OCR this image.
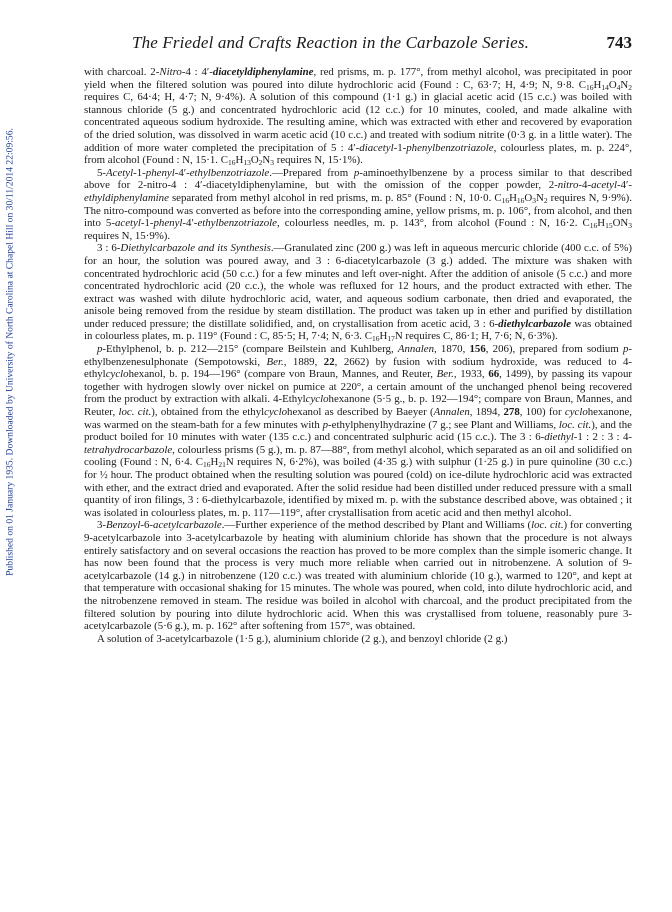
The Friedel and Crafts Reaction in the Carbazole Series.	743
Published on 01 January 1935. Downloaded by University of North Carolina at Chapel Hill on 30/11/2014 22:09:56.

with charcoal. 2-Nitro-4 : 4′-diacetyldiphenylamine, red prisms, m. p. 177°, from methyl alcohol, was precipitated in poor yield when the filtered solution was poured into dilute hydrochloric acid (Found : C, 63·7; H, 4·9; N, 9·8. $C_{16}H_{14}O_4N_2$ requires C, 64·4; H, 4·7; N, 9·4%). A solution of this compound (1·1 g.) in glacial acetic acid (15 c.c.) was boiled with stannous chloride (5 g.) and concentrated hydrochloric acid (12 c.c.) for 10 minutes, cooled, and made alkaline with concentrated aqueous sodium hydroxide. The resulting amine, which was extracted with ether and recovered by evaporation of the dried solution, was dissolved in warm acetic acid (10 c.c.) and treated with sodium nitrite (0·3 g. in a little water). The addition of more water completed the precipitation of 5 : 4′-diacetyl-1-phenylbenzotriazole, colourless plates, m. p. 224°, from alcohol (Found : N, 15·1. $C_{16}H_{13}O_2N_3$ requires N, 15·1%).

5-Acetyl-1-phenyl-4′-ethylbenzotriazole.—Prepared from p-aminoethylbenzene by a process similar to that described above for 2-nitro-4 : 4′-diacetyldiphenylamine, but with the omission of the copper powder, 2-nitro-4-acetyl-4′-ethyldiphenylamine separated from methyl alcohol in red prisms, m. p. 85° (Found : N, 10·0. $C_{16}H_{16}O_3N_2$ requires N, 9·9%). The nitro-compound was converted as before into the corresponding amine, yellow prisms, m. p. 106°, from alcohol, and then into 5-acetyl-1-phenyl-4′-ethylbenzotriazole, colourless needles, m. p. 143°, from alcohol (Found : N, 16·2. $C_{16}H_{15}ON_3$ requires N, 15·9%).

3 : 6-Diethylcarbazole and its Synthesis.—Granulated zinc (200 g.) was left in aqueous mercuric chloride (400 c.c. of 5%) for an hour, the solution was poured away, and 3 : 6-diacetylcarbazole (3 g.) added. The mixture was shaken with concentrated hydrochloric acid (50 c.c.) for a few minutes and left over-night. After the addition of anisole (5 c.c.) and more concentrated hydrochloric acid (20 c.c.), the whole was refluxed for 12 hours, and the product extracted with ether. The extract was washed with dilute hydrochloric acid, water, and aqueous sodium carbonate, then dried and evaporated, the anisole being removed from the residue by steam distillation. The product was taken up in ether and purified by distillation under reduced pressure; the distillate solidified, and, on crystallisation from acetic acid, 3 : 6-diethylcarbazole was obtained in colourless plates, m. p. 119° (Found : C, 85·5; H, 7·4; N, 6·3. $C_{16}H_{17}N$ requires C, 86·1; H, 7·6; N, 6·3%).

p-Ethylphenol, b. p. 212—215° (compare Beilstein and Kuhlberg, Annalen, 1870, 156, 206), prepared from sodium p-ethylbenzenesulphonate (Sempotowski, Ber., 1889, 22, 2662) by fusion with sodium hydroxide, was reduced to 4-ethylcyclohexanol, b. p. 194—196° (compare von Braun, Mannes, and Reuter, Ber., 1933, 66, 1499), by passing its vapour together with hydrogen slowly over nickel on pumice at 220°, a certain amount of the unchanged phenol being recovered from the product by extraction with alkali. 4-Ethylcyclohexanone (5·5 g., b. p. 192—194°; compare von Braun, Mannes, and Reuter, loc. cit.), obtained from the ethylcyclohexanol as described by Baeyer (Annalen, 1894, 278, 100) for cyclohexanone, was warmed on the steam-bath for a few minutes with p-ethylphenylhydrazine (7 g.; see Plant and Williams, loc. cit.), and the product boiled for 10 minutes with water (135 c.c.) and concentrated sulphuric acid (15 c.c.). The 3 : 6-diethyl-1 : 2 : 3 : 4-tetrahydrocarbazole, colourless prisms (5 g.), m. p. 87—88°, from methyl alcohol, which separated as an oil and solidified on cooling (Found : N, 6·4. $C_{16}H_{21}N$ requires N, 6·2%), was boiled (4·35 g.) with sulphur (1·25 g.) in pure quinoline (30 c.c.) for ½ hour. The product obtained when the resulting solution was poured (cold) on ice-dilute hydrochloric acid was extracted with ether, and the extract dried and evaporated. After the solid residue had been distilled under reduced pressure with a small quantity of iron filings, 3 : 6-diethylcarbazole, identified by mixed m. p. with the substance described above, was obtained ; it was isolated in colourless plates, m. p. 117—119°, after crystallisation from acetic acid and then methyl alcohol.

3-Benzoyl-6-acetylcarbazole.—Further experience of the method described by Plant and Williams (loc. cit.) for converting 9-acetylcarbazole into 3-acetylcarbazole by heating with aluminium chloride has shown that the procedure is not always entirely satisfactory and on several occasions the reaction has proved to be more complex than the simple isomeric change. It has now been found that the process is very much more reliable when carried out in nitrobenzene. A solution of 9-acetylcarbazole (14 g.) in nitrobenzene (120 c.c.) was treated with aluminium chloride (10 g.), warmed to 120°, and kept at that temperature with occasional shaking for 15 minutes. The whole was poured, when cold, into dilute hydrochloric acid, and the nitrobenzene removed in steam. The residue was boiled in alcohol with charcoal, and the product precipitated from the filtered solution by pouring into dilute hydrochloric acid. When this was crystallised from toluene, reasonably pure 3-acetylcarbazole (5·6 g.), m. p. 162° after softening from 157°, was obtained.

A solution of 3-acetylcarbazole (1·5 g.), aluminium chloride (2 g.), and benzoyl chloride (2 g.)
